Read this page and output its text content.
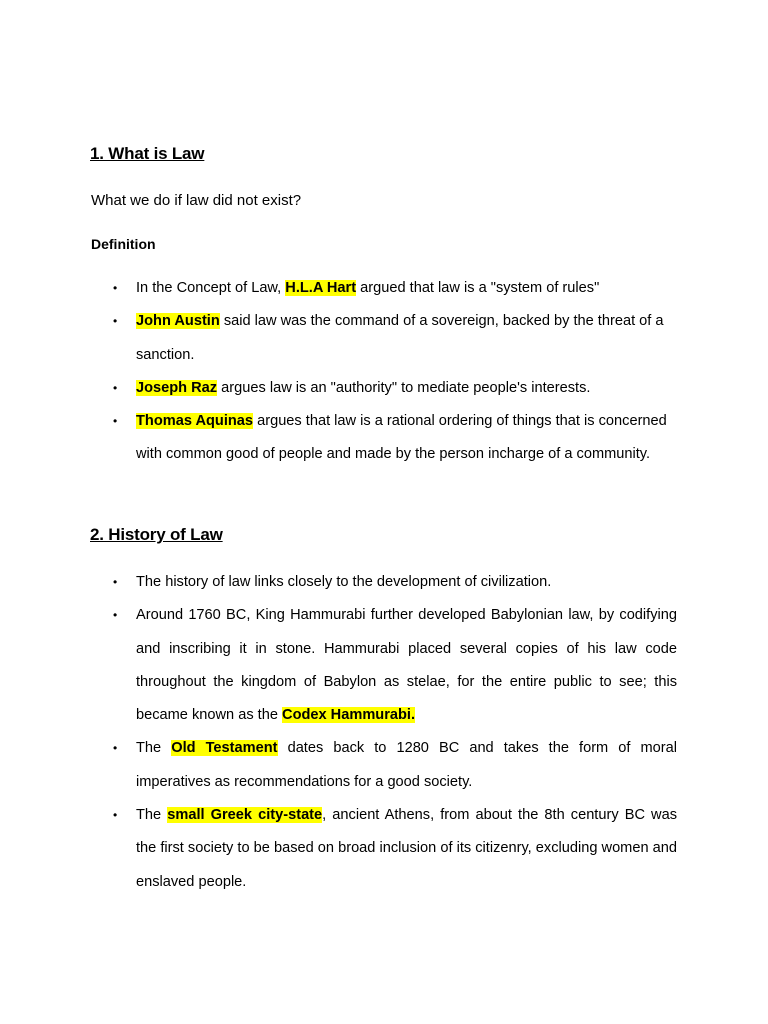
1. What is Law

What we do if law did not exist?

Definition

• In the Concept of Law, H.L.A Hart argued that law is a "system of rules"
• John Austin said law was the command of a sovereign, backed by the threat of a sanction.
• Joseph Raz argues law is an "authority" to mediate people's interests.
• Thomas Aquinas argues that law is a rational ordering of things that is concerned with common good of people and made by the person incharge of a community.
2. History of Law
• The history of law links closely to the development of civilization.
• Around 1760 BC, King Hammurabi further developed Babylonian law, by codifying and inscribing it in stone. Hammurabi placed several copies of his law code throughout the kingdom of Babylon as stelae, for the entire public to see; this became known as the Codex Hammurabi.
• The Old Testament dates back to 1280 BC and takes the form of moral imperatives as recommendations for a good society.
• The small Greek city-state, ancient Athens, from about the 8th century BC was the first society to be based on broad inclusion of its citizenry, excluding women and enslaved people.
